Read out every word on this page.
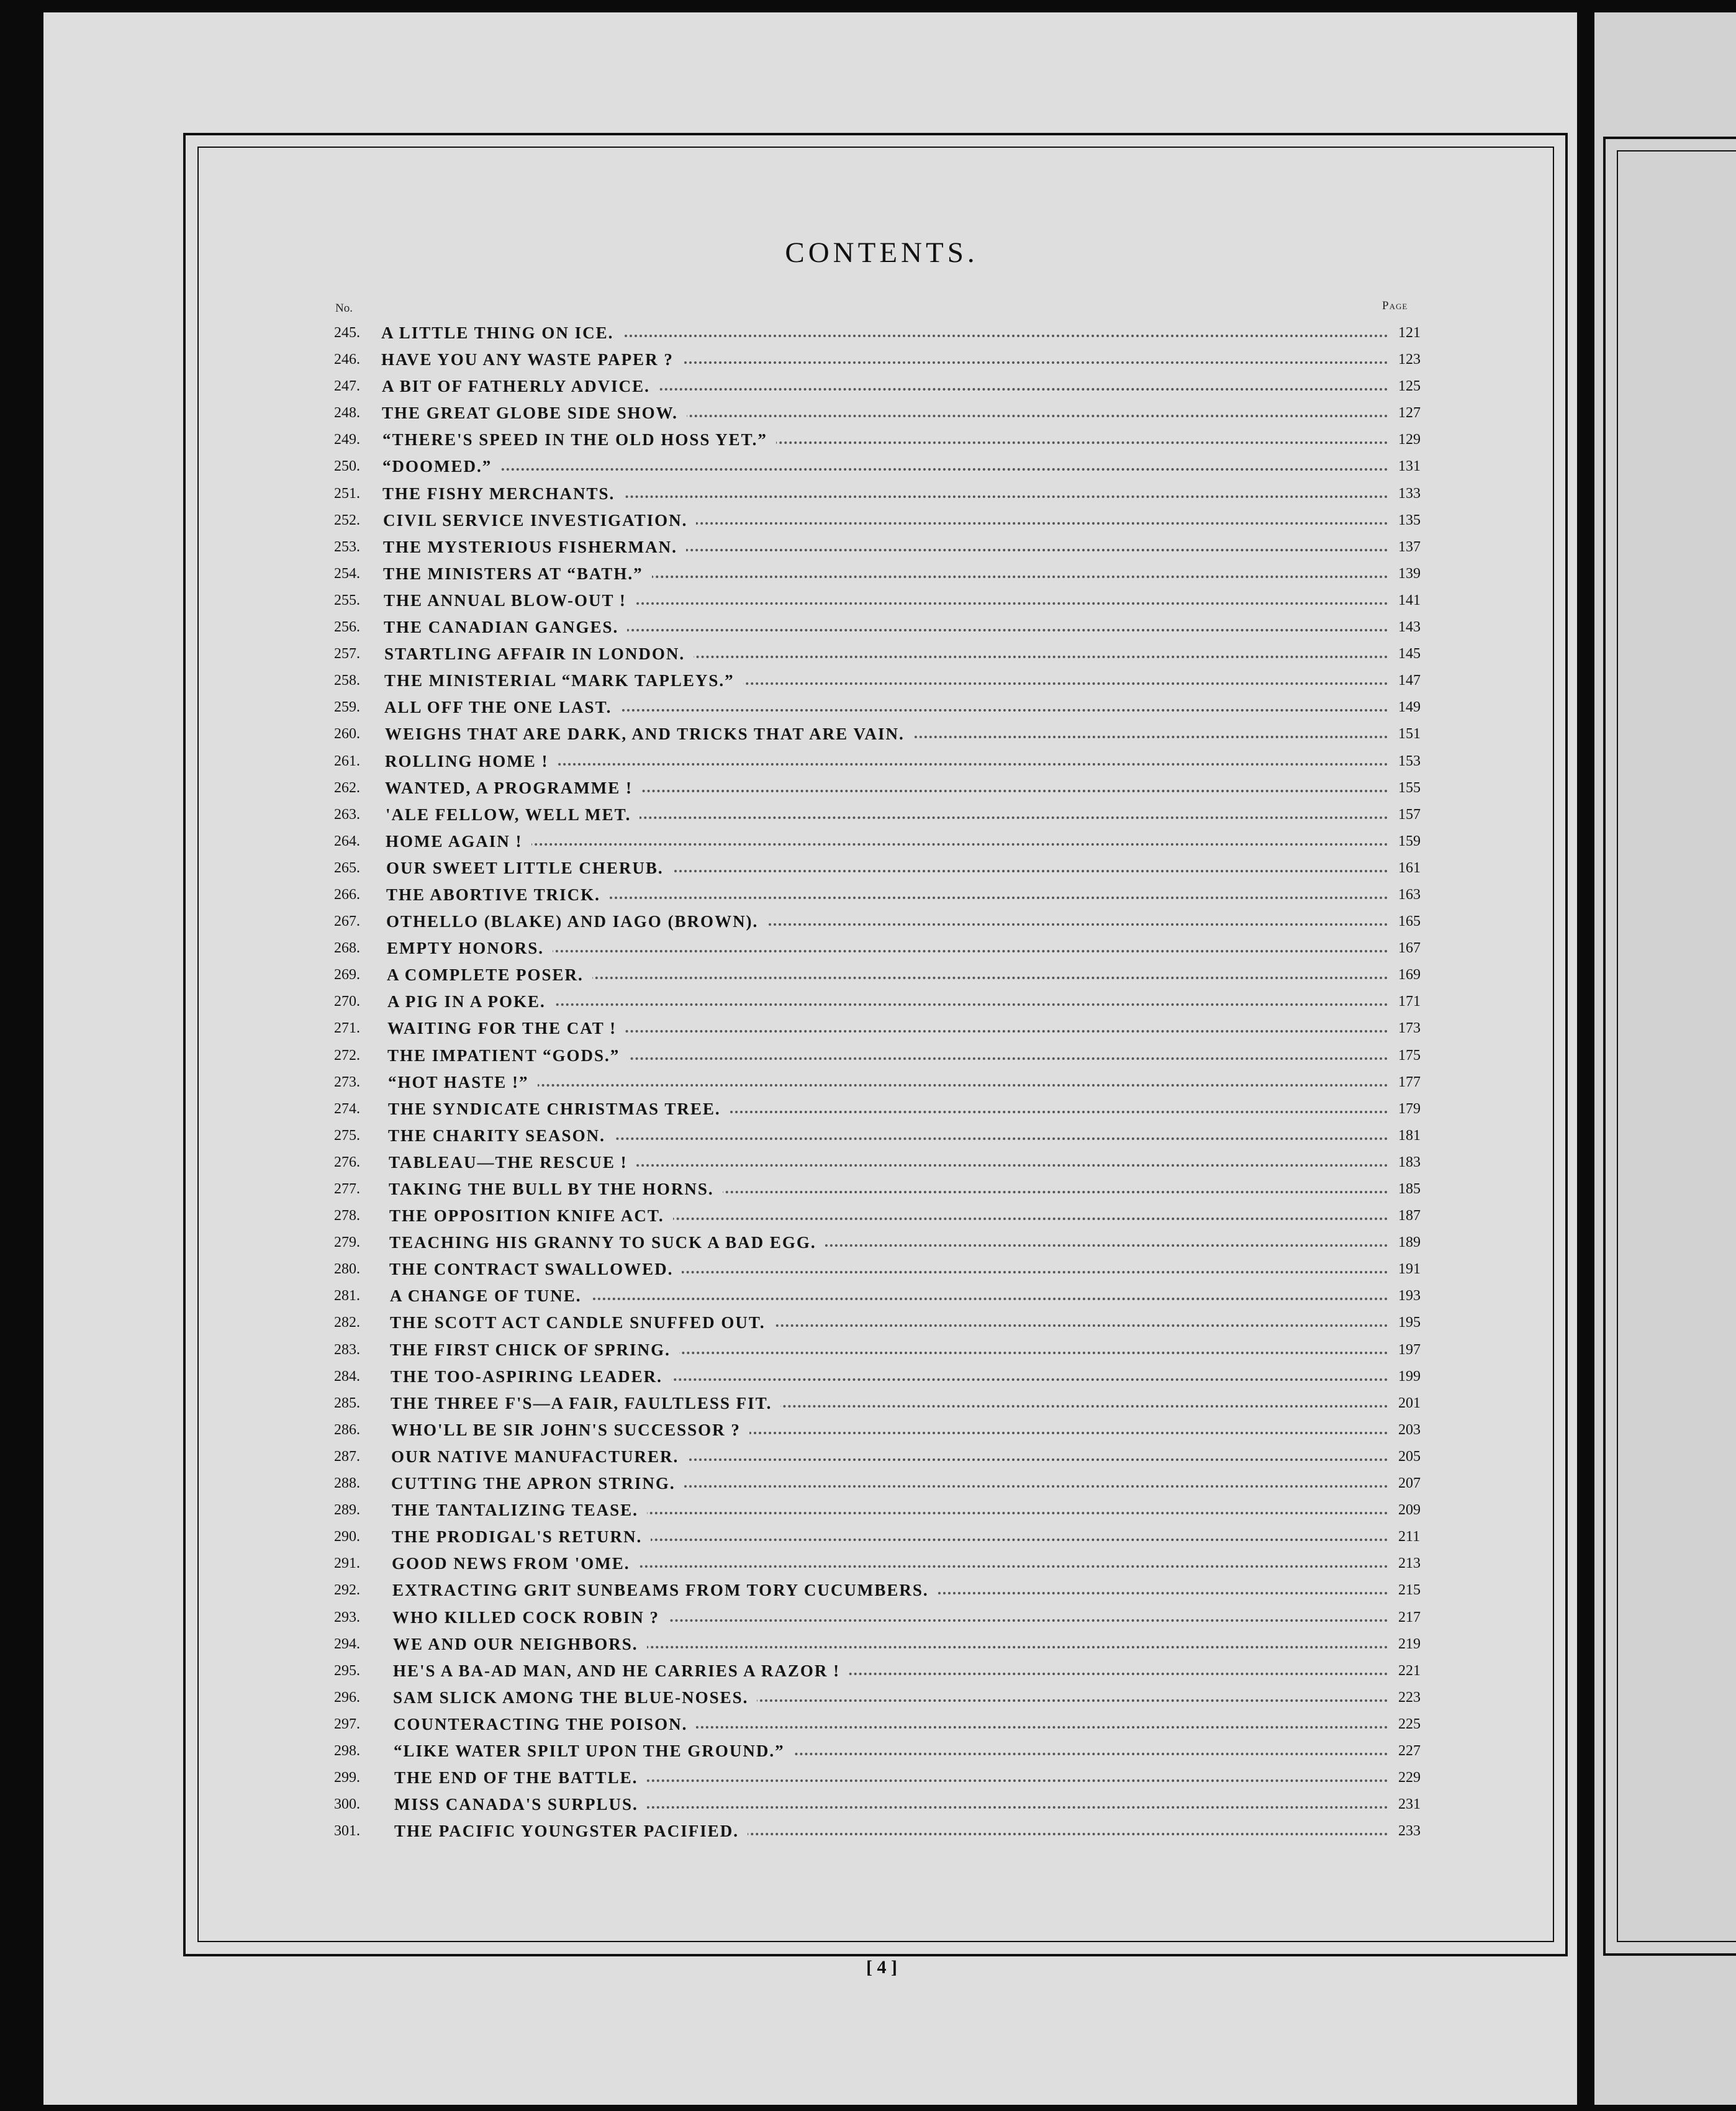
CONTENTS.
No.	Page
245. A LITTLE THING ON ICE.	121
246. HAVE YOU ANY WASTE PAPER ?	123
247. A BIT OF FATHERLY ADVICE.	125
248. THE GREAT GLOBE SIDE SHOW.	127
249. “THERE'S SPEED IN THE OLD HOSS YET.”	129
250. “DOOMED.”	131
251. THE FISHY MERCHANTS.	133
252. CIVIL SERVICE INVESTIGATION.	135
253. THE MYSTERIOUS FISHERMAN.	137
254. THE MINISTERS AT “BATH.”	139
255. THE ANNUAL BLOW-OUT !	141
256. THE CANADIAN GANGES.	143
257. STARTLING AFFAIR IN LONDON.	145
258. THE MINISTERIAL “MARK TAPLEYS.”	147
259. ALL OFF THE ONE LAST.	149
260. WEIGHS THAT ARE DARK, AND TRICKS THAT ARE VAIN.	151
261. ROLLING HOME !	153
262. WANTED, A PROGRAMME !	155
263. 'ALE FELLOW, WELL MET.	157
264. HOME AGAIN !	159
265. OUR SWEET LITTLE CHERUB.	161
266. THE ABORTIVE TRICK.	163
267. OTHELLO (BLAKE) AND IAGO (BROWN).	165
268. EMPTY HONORS.	167
269. A COMPLETE POSER.	169
270. A PIG IN A POKE.	171
271. WAITING FOR THE CAT !	173
272. THE IMPATIENT “GODS.”	175
273. “HOT HASTE !”	177
274. THE SYNDICATE CHRISTMAS TREE.	179
275. THE CHARITY SEASON.	181
276. TABLEAU—THE RESCUE !	183
277. TAKING THE BULL BY THE HORNS.	185
278. THE OPPOSITION KNIFE ACT.	187
279. TEACHING HIS GRANNY TO SUCK A BAD EGG.	189
280. THE CONTRACT SWALLOWED.	191
281. A CHANGE OF TUNE.	193
282. THE SCOTT ACT CANDLE SNUFFED OUT.	195
283. THE FIRST CHICK OF SPRING.	197
284. THE TOO-ASPIRING LEADER.	199
285. THE THREE F'S—A FAIR, FAULTLESS FIT.	201
286. WHO'LL BE SIR JOHN'S SUCCESSOR ?	203
287. OUR NATIVE MANUFACTURER.	205
288. CUTTING THE APRON STRING.	207
289. THE TANTALIZING TEASE.	209
290. THE PRODIGAL'S RETURN.	211
291. GOOD NEWS FROM 'OME.	213
292. EXTRACTING GRIT SUNBEAMS FROM TORY CUCUMBERS.	215
293. WHO KILLED COCK ROBIN ?	217
294. WE AND OUR NEIGHBORS.	219
295. HE'S A BA-AD MAN, AND HE CARRIES A RAZOR !	221
296. SAM SLICK AMONG THE BLUE-NOSES.	223
297. COUNTERACTING THE POISON.	225
298. “LIKE WATER SPILT UPON THE GROUND.”	227
299. THE END OF THE BATTLE.	229
300. MISS CANADA'S SURPLUS.	231
301. THE PACIFIC YOUNGSTER PACIFIED.	233
[ 4 ]
